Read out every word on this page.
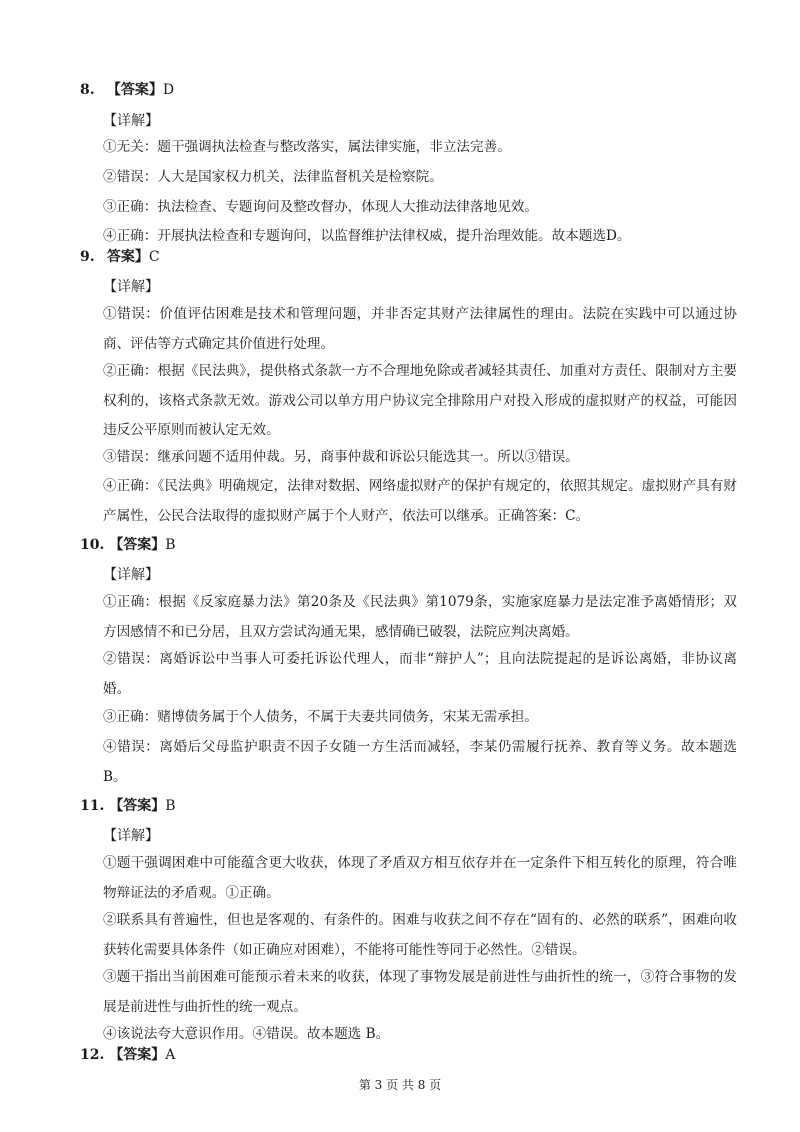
8. 【答案】D
【详解】
①无关：题干强调执法检查与整改落实，属法律实施，非立法完善。
②错误：人大是国家权力机关，法律监督机关是检察院。
③正确：执法检查、专题询问及整改督办，体现人大推动法律落地见效。
④正确：开展执法检查和专题询问，以监督维护法律权威，提升治理效能。故本题选D。
9. 答案】C
【详解】
①错误：价值评估困难是技术和管理问题，并非否定其财产法律属性的理由。法院在实践中可以通过协商、评估等方式确定其价值进行处理。
②正确：根据《民法典》，提供格式条款一方不合理地免除或者减轻其责任、加重对方责任、限制对方主要权利的，该格式条款无效。游戏公司以单方用户协议完全排除用户对投入形成的虚拟财产的权益，可能因违反公平原则而被认定无效。
③错误：继承问题不适用仲裁。另，商事仲裁和诉讼只能选其一。所以③错误。
④正确：《民法典》明确规定，法律对数据、网络虚拟财产的保护有规定的，依照其规定。虚拟财产具有财产属性，公民合法取得的虚拟财产属于个人财产，依法可以继承。正确答案：C。
10. 【答案】B
【详解】
①正确：根据《反家庭暴力法》第20条及《民法典》第1079条，实施家庭暴力是法定准予离婚情形；双方因感情不和已分居，且双方尝试沟通无果，感情确已破裂，法院应判决离婚。
②错误：离婚诉讼中当事人可委托诉讼代理人，而非“辩护人”；且向法院提起的是诉讼离婚，非协议离婚。
③正确：赌博债务属于个人债务，不属于夫妻共同债务，宋某无需承担。
④错误：离婚后父母监护职责不因子女随一方生活而减轻，李某仍需履行抚养、教育等义务。故本题选B。
11. 【答案】B
【详解】
①题干强调困难中可能蕴含更大收获，体现了矛盾双方相互依存并在一定条件下相互转化的原理，符合唯物辩证法的矛盾观。①正确。
②联系具有普遍性，但也是客观的、有条件的。困难与收获之间不存在“固有的、必然的联系”，困难向收获转化需要具体条件（如正确应对困难），不能将可能性等同于必然性。②错误。
③题干指出当前困难可能预示着未来的收获，体现了事物发展是前进性与曲折性的统一，③符合事物的发展是前进性与曲折性的统一观点。
④该说法夸大意识作用。④错误。故本题选 B。
12. 【答案】A
第 3 页 共 8 页
